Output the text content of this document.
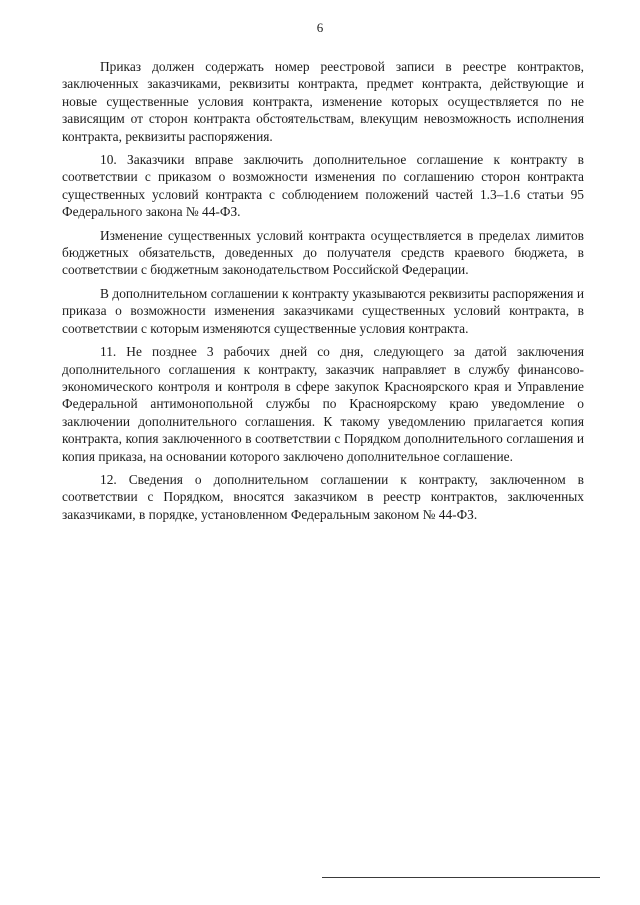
6

Приказ должен содержать номер реестровой записи в реестре контрактов, заключенных заказчиками, реквизиты контракта, предмет контракта, действующие и новые существенные условия контракта, изменение которых осуществляется по не зависящим от сторон контракта обстоятельствам, влекущим невозможность исполнения контракта, реквизиты распоряжения.

10. Заказчики вправе заключить дополнительное соглашение к контракту в соответствии с приказом о возможности изменения по соглашению сторон контракта существенных условий контракта с соблюдением положений частей 1.3–1.6 статьи 95 Федерального закона № 44-ФЗ.

Изменение существенных условий контракта осуществляется в пределах лимитов бюджетных обязательств, доведенных до получателя средств краевого бюджета, в соответствии с бюджетным законодательством Российской Федерации.

В дополнительном соглашении к контракту указываются реквизиты распоряжения и приказа о возможности изменения заказчиками существенных условий контракта, в соответствии с которым изменяются существенные условия контракта.

11. Не позднее 3 рабочих дней со дня, следующего за датой заключения дополнительного соглашения к контракту, заказчик направляет в службу финансово-экономического контроля и контроля в сфере закупок Красноярского края и Управление Федеральной антимонопольной службы по Красноярскому краю уведомление о заключении дополнительного соглашения. К такому уведомлению прилагается копия контракта, копия заключенного в соответствии с Порядком дополнительного соглашения и копия приказа, на основании которого заключено дополнительное соглашение.

12. Сведения о дополнительном соглашении к контракту, заключенном в соответствии с Порядком, вносятся заказчиком в реестр контрактов, заключенных заказчиками, в порядке, установленном Федеральным законом № 44-ФЗ.
